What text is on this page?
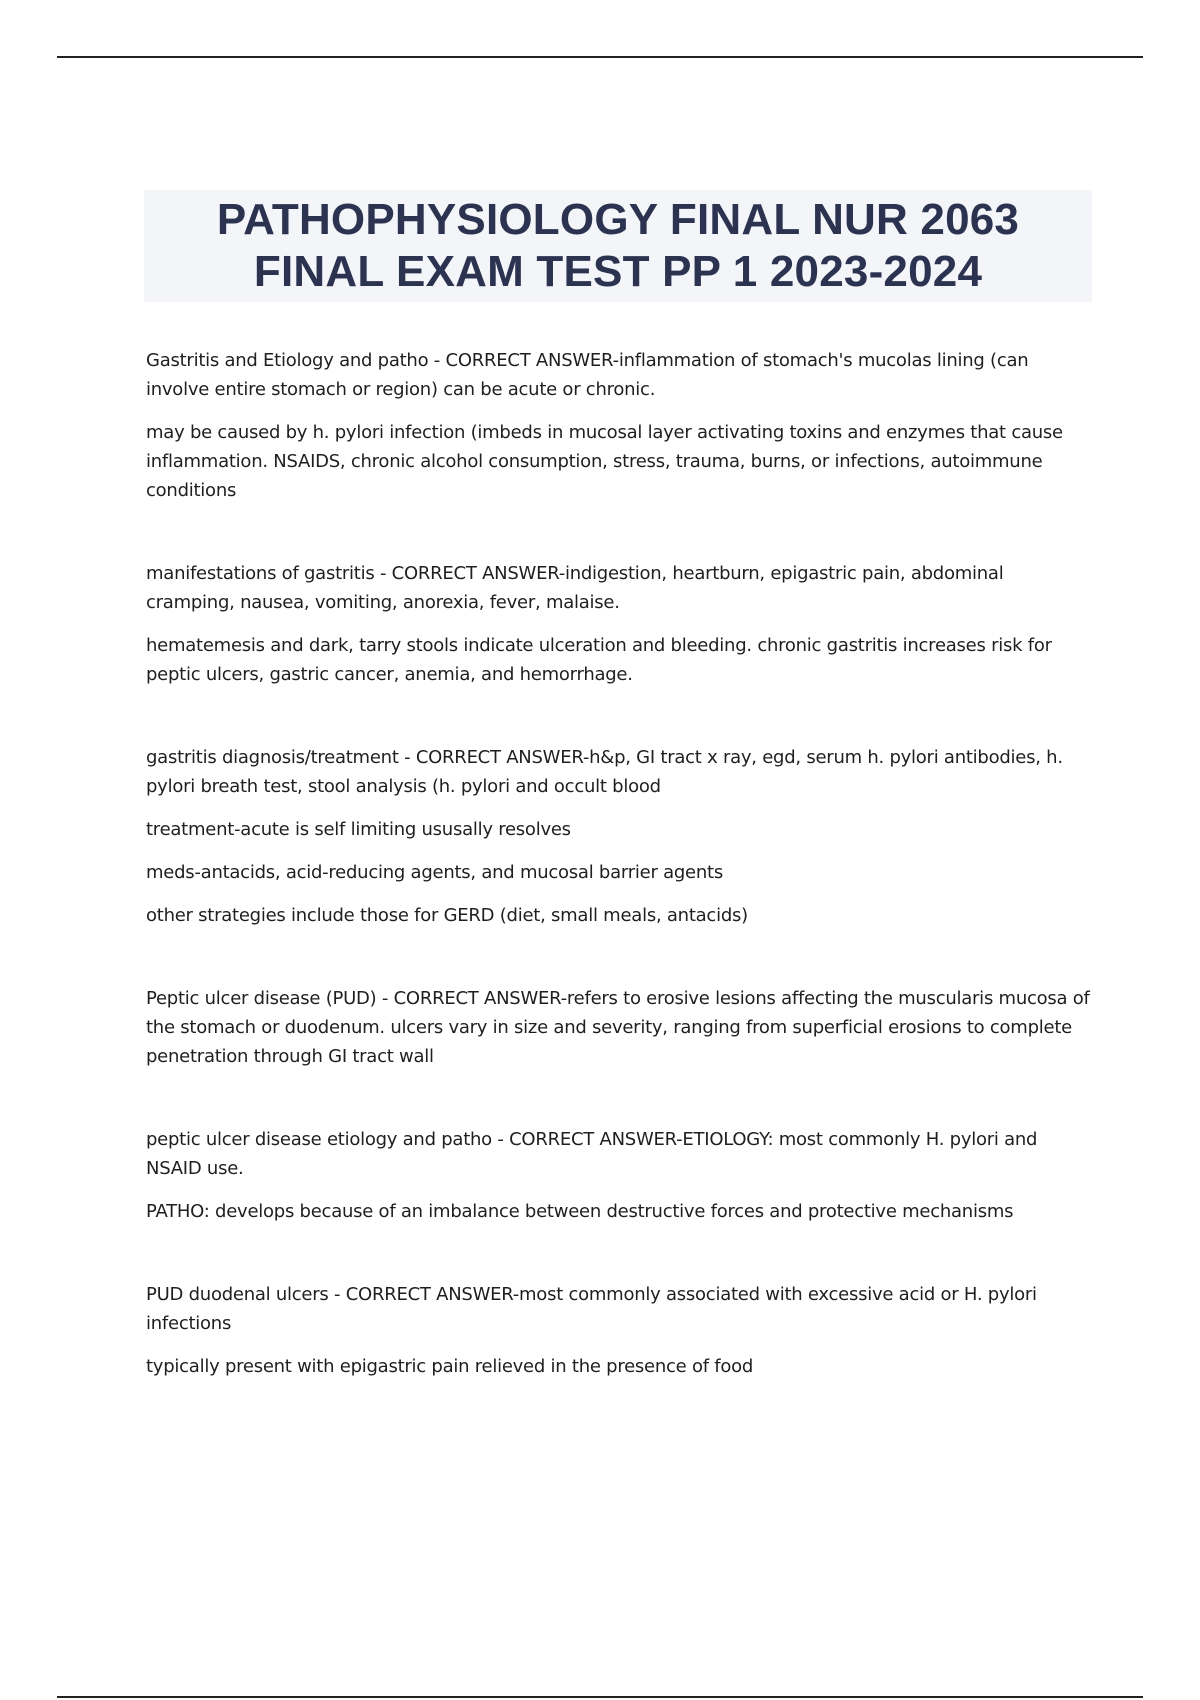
PATHOPHYSIOLOGY FINAL NUR 2063
FINAL EXAM TEST PP 1 2023-2024

Gastritis and Etiology and patho - CORRECT ANSWER-inflammation of stomach's mucolas lining (can involve entire stomach or region) can be acute or chronic.

may be caused by h. pylori infection (imbeds in mucosal layer activating toxins and enzymes that cause inflammation. NSAIDS, chronic alcohol consumption, stress, trauma, burns, or infections, autoimmune conditions

manifestations of gastritis - CORRECT ANSWER-indigestion, heartburn, epigastric pain, abdominal cramping, nausea, vomiting, anorexia, fever, malaise.

hematemesis and dark, tarry stools indicate ulceration and bleeding. chronic gastritis increases risk for peptic ulcers, gastric cancer, anemia, and hemorrhage.

gastritis diagnosis/treatment - CORRECT ANSWER-h&p, GI tract x ray, egd, serum h. pylori antibodies, h. pylori breath test, stool analysis (h. pylori and occult blood

treatment-acute is self limiting ususally resolves

meds-antacids, acid-reducing agents, and mucosal barrier agents

other strategies include those for GERD (diet, small meals, antacids)

Peptic ulcer disease (PUD) - CORRECT ANSWER-refers to erosive lesions affecting the muscularis mucosa of the stomach or duodenum. ulcers vary in size and severity, ranging from superficial erosions to complete penetration through GI tract wall

peptic ulcer disease etiology and patho - CORRECT ANSWER-ETIOLOGY: most commonly H. pylori and NSAID use.

PATHO: develops because of an imbalance between destructive forces and protective mechanisms

PUD duodenal ulcers - CORRECT ANSWER-most commonly associated with excessive acid or H. pylori infections

typically present with epigastric pain relieved in the presence of food
